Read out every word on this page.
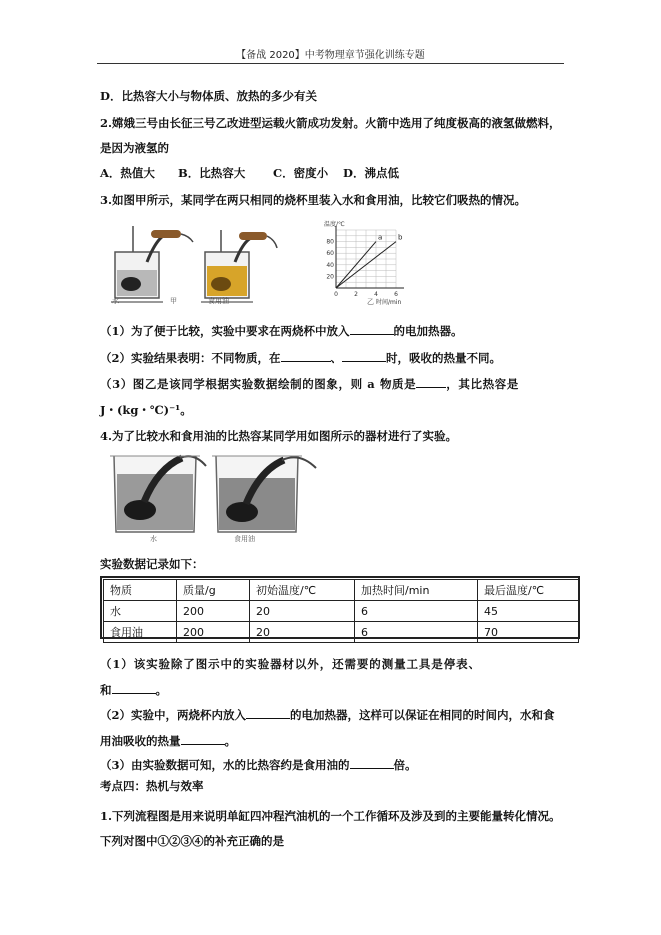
【备战 2020】中考物理章节强化训练专题
D．比热容大小与物体质、放热的多少有关
2.嫦娥三号由长征三号乙改进型运载火箭成功发射。火箭中选用了纯度极高的液氢做燃料，
是因为液氢的
A．热值大 B．比热容大 C．密度小 D．沸点低
3.如图甲所示，某同学在两只相同的烧杯里装入水和食用油，比较它们吸热的情况。
水	甲	食用油
0	2	4	6
20
40
60
80
温度/℃
时间/min
a b
乙
（1）为了便于比较，实验中要求在两烧杯中放入	的电加热器。
（2）实验结果表明：不同物质，在	、	时，吸收的热量不同。
（3）图乙是该同学根据实验数据绘制的图象，则 a 物质是	，其比热容是
J・(kg・℃)⁻¹。
4.为了比较水和食用油的比热容某同学用如图所示的器材进行了实验。
水	食用油
实验数据记录如下：
物质	质量/g	初始温度/℃	加热时间/min	最后温度/℃
水	200	20	6	45
食用油	200	20	6	70
（1）该实验除了图示中的实验器材以外，还需要的测量工具是停表、
和	。
（2）实验中，两烧杯内放入	的电加热器，这样可以保证在相同的时间内，水和食
用油吸收的热量	。
（3）由实验数据可知，水的比热容约是食用油的	倍。
考点四：热机与效率
1.下列流程图是用来说明单缸四冲程汽油机的一个工作循环及涉及到的主要能量转化情况。
下列对图中①②③④的补充正确的是
